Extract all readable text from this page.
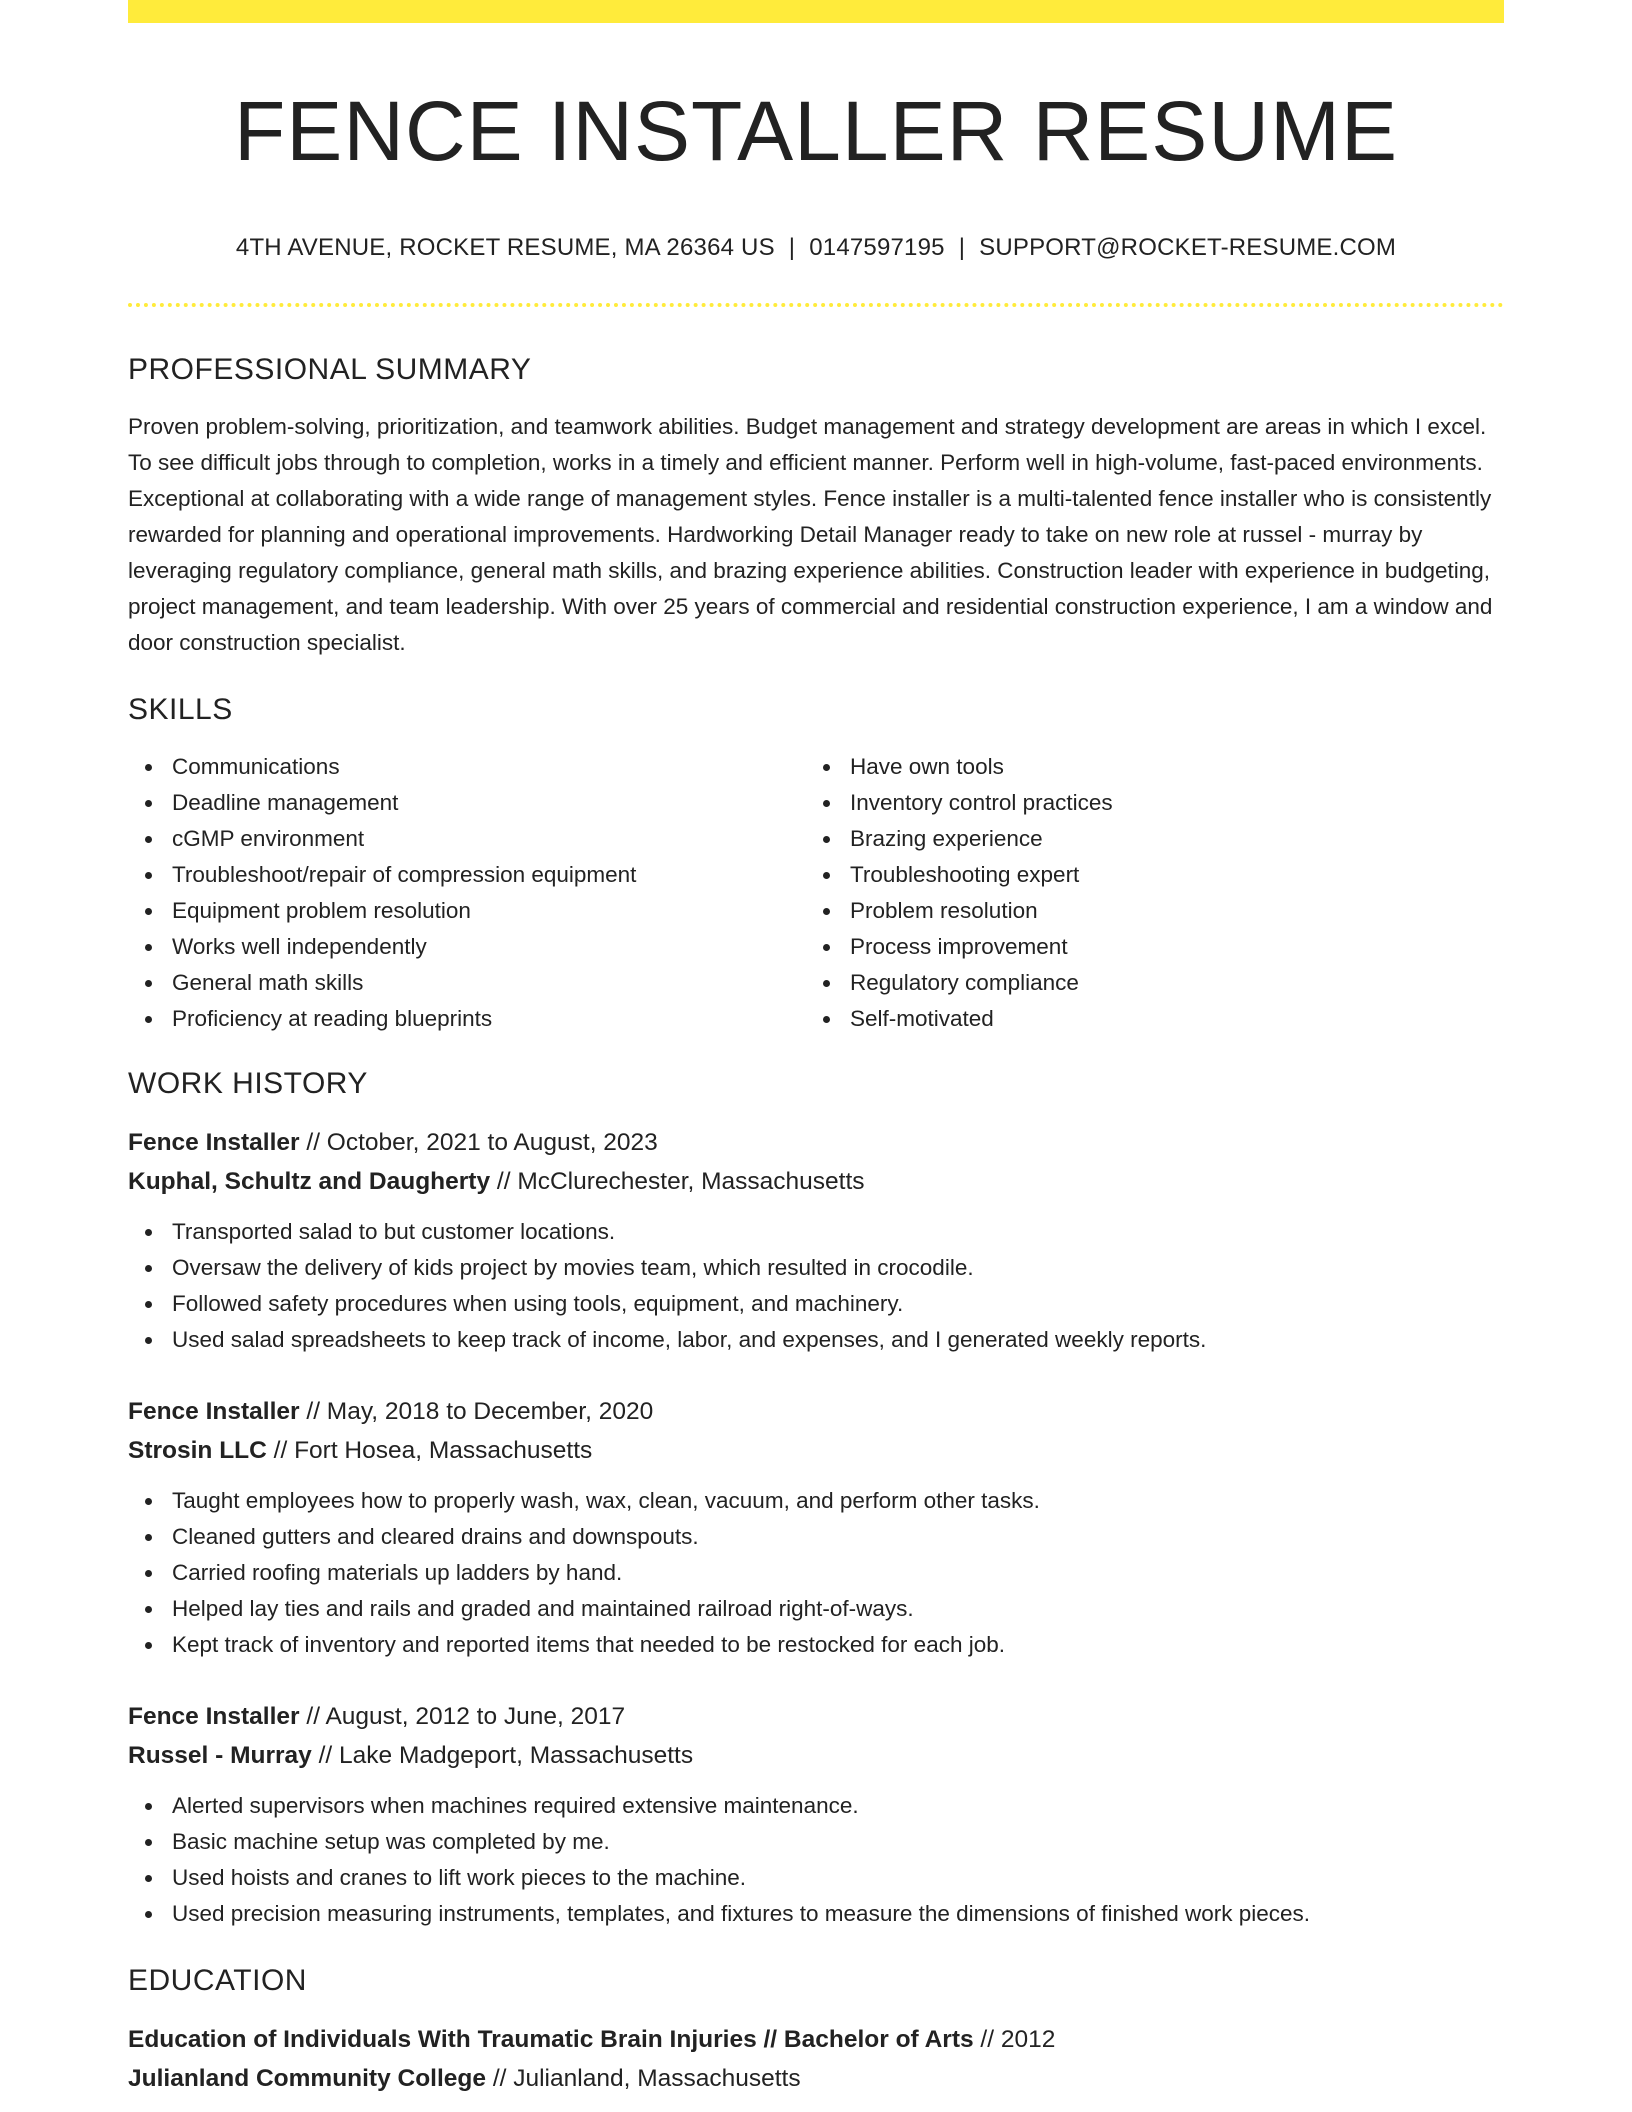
FENCE INSTALLER RESUME
4TH AVENUE, ROCKET RESUME, MA 26364 US | 0147597195 | SUPPORT@ROCKET-RESUME.COM
PROFESSIONAL SUMMARY

Proven problem-solving, prioritization, and teamwork abilities. Budget management and strategy development are areas in which I excel. To see difficult jobs through to completion, works in a timely and efficient manner. Perform well in high-volume, fast-paced environments. Exceptional at collaborating with a wide range of management styles. Fence installer is a multi-talented fence installer who is consistently rewarded for planning and operational improvements. Hardworking Detail Manager ready to take on new role at russel - murray by leveraging regulatory compliance, general math skills, and brazing experience abilities. Construction leader with experience in budgeting, project management, and team leadership. With over 25 years of commercial and residential construction experience, I am a window and door construction specialist.

SKILLS
Communications
Deadline management
cGMP environment
Troubleshoot/repair of compression equipment
Equipment problem resolution
Works well independently
General math skills
Proficiency at reading blueprints
Have own tools
Inventory control practices
Brazing experience
Troubleshooting expert
Problem resolution
Process improvement
Regulatory compliance
Self-motivated
WORK HISTORY
Fence Installer // October, 2021 to August, 2023
Kuphal, Schultz and Daugherty // McClurechester, Massachusetts
Transported salad to but customer locations.
Oversaw the delivery of kids project by movies team, which resulted in crocodile.
Followed safety procedures when using tools, equipment, and machinery.
Used salad spreadsheets to keep track of income, labor, and expenses, and I generated weekly reports.
Fence Installer // May, 2018 to December, 2020
Strosin LLC // Fort Hosea, Massachusetts
Taught employees how to properly wash, wax, clean, vacuum, and perform other tasks.
Cleaned gutters and cleared drains and downspouts.
Carried roofing materials up ladders by hand.
Helped lay ties and rails and graded and maintained railroad right-of-ways.
Kept track of inventory and reported items that needed to be restocked for each job.
Fence Installer // August, 2012 to June, 2017
Russel - Murray // Lake Madgeport, Massachusetts
Alerted supervisors when machines required extensive maintenance.
Basic machine setup was completed by me.
Used hoists and cranes to lift work pieces to the machine.
Used precision measuring instruments, templates, and fixtures to measure the dimensions of finished work pieces.
EDUCATION
Education of Individuals With Traumatic Brain Injuries // Bachelor of Arts // 2012
Julianland Community College // Julianland, Massachusetts
